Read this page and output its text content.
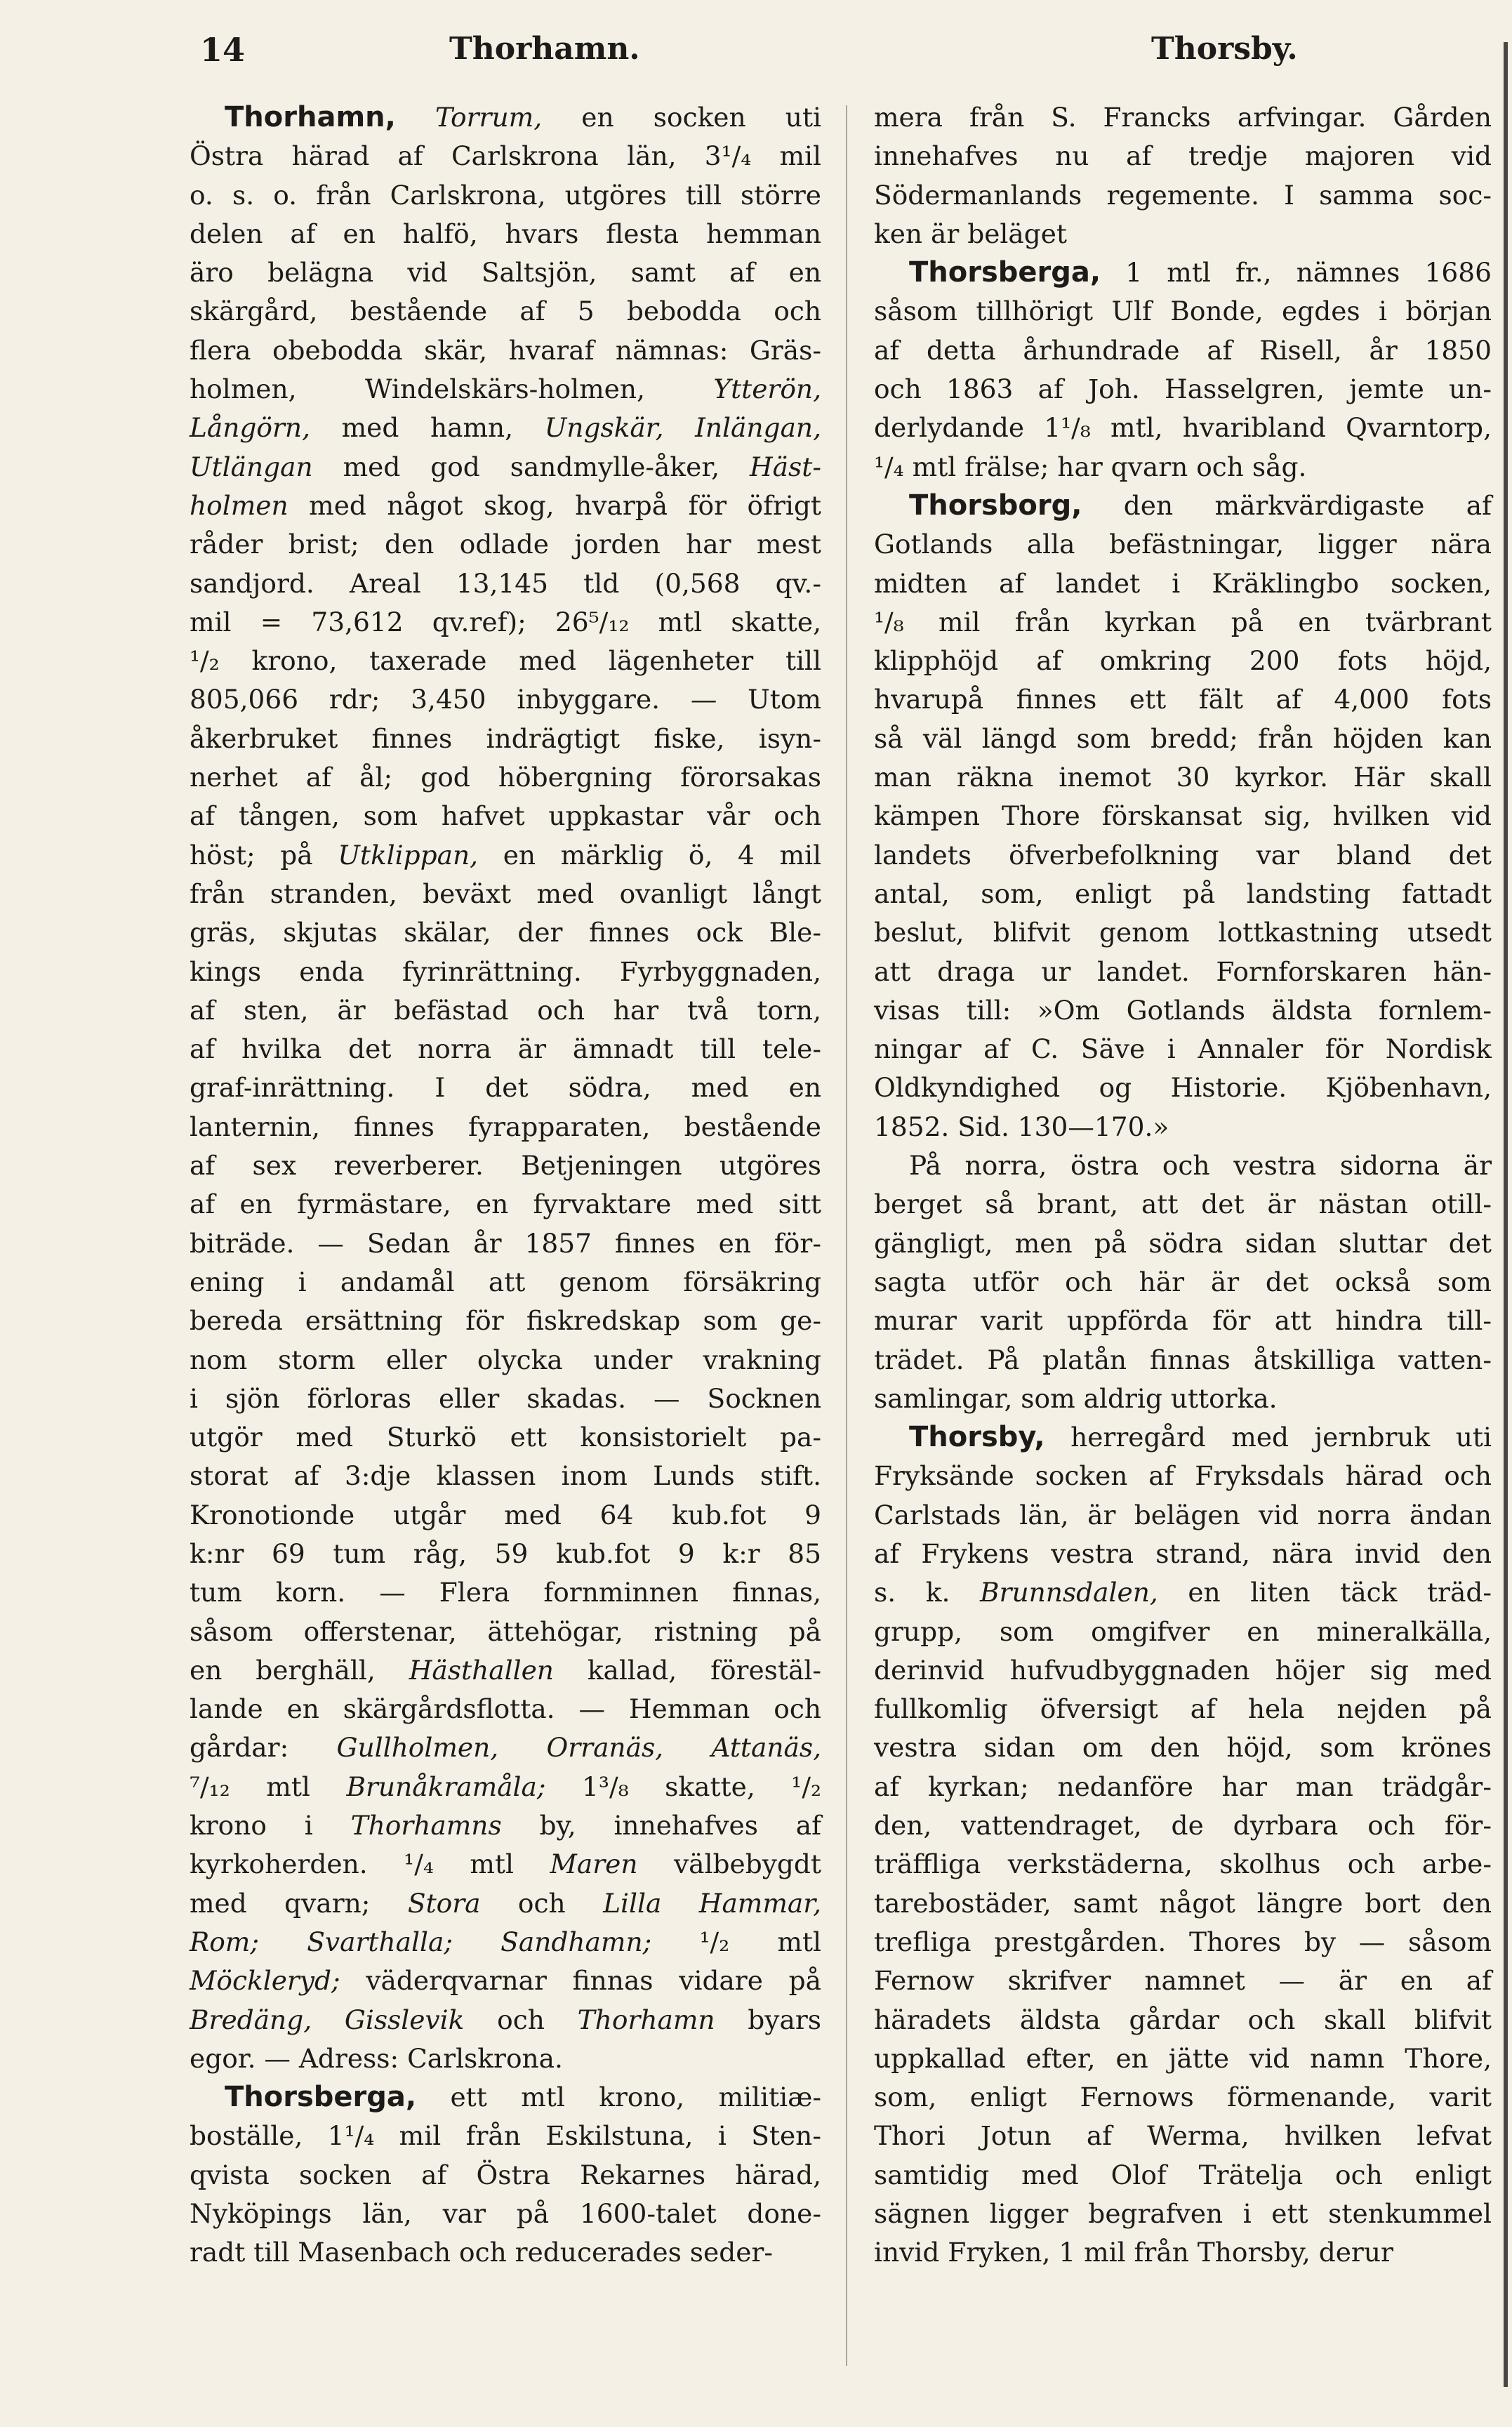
14	Thorhamn.	Thorsby.
Thorhamn, Torrum, en socken uti
Östra härad af Carlskrona län, 3¹/₄ mil
o. s. o. från Carlskrona, utgöres till större
delen af en halfö, hvars flesta hemman
äro belägna vid Saltsjön, samt af en
skärgård, bestående af 5 bebodda och
flera obebodda skär, hvaraf nämnas: Gräs-
holmen, Windelskärs-holmen, Ytterön,
Långörn, med hamn, Ungskär, Inlängan,
Utlängan med god sandmylle-åker, Häst-
holmen med något skog, hvarpå för öfrigt
råder brist; den odlade jorden har mest
sandjord. Areal 13,145 tld (0,568 qv.-
mil = 73,612 qv.ref); 26⁵/₁₂ mtl skatte,
¹/₂ krono, taxerade med lägenheter till
805,066 rdr; 3,450 inbyggare. — Utom
åkerbruket finnes indrägtigt fiske, isyn-
nerhet af ål; god höbergning förorsakas
af tången, som hafvet uppkastar vår och
höst; på Utklippan, en märklig ö, 4 mil
från stranden, beväxt med ovanligt långt
gräs, skjutas skälar, der finnes ock Ble-
kings enda fyrinrättning. Fyrbyggnaden,
af sten, är befästad och har två torn,
af hvilka det norra är ämnadt till tele-
graf-inrättning. I det södra, med en
lanternin, finnes fyrapparaten, bestående
af sex reverberer. Betjeningen utgöres
af en fyrmästare, en fyrvaktare med sitt
biträde. — Sedan år 1857 finnes en för-
ening i andamål att genom försäkring
bereda ersättning för fiskredskap som ge-
nom storm eller olycka under vrakning
i sjön förloras eller skadas. — Socknen
utgör med Sturkö ett konsistorielt pa-
storat af 3:dje klassen inom Lunds stift.
Kronotionde utgår med 64 kub.fot 9
k:nr 69 tum råg, 59 kub.fot 9 k:r 85
tum korn. — Flera fornminnen finnas,
såsom offerstenar, ättehögar, ristning på
en berghäll, Hästhallen kallad, förestäl-
lande en skärgårdsflotta. — Hemman och
gårdar: Gullholmen, Orranäs, Attanäs,
⁷/₁₂ mtl Brunåkramåla; 1³/₈ skatte, ¹/₂
krono i Thorhamns by, innehafves af
kyrkoherden. ¹/₄ mtl Maren välbebygdt
med qvarn; Stora och Lilla Hammar,
Rom; Svarthalla; Sandhamn; ¹/₂ mtl
Möckleryd; väderqvarnar finnas vidare på
Bredäng, Gisslevik och Thorhamn byars
egor. — Adress: Carlskrona.
Thorsberga, ett mtl krono, militiæ-
boställe, 1¹/₄ mil från Eskilstuna, i Sten-
qvista socken af Östra Rekarnes härad,
Nyköpings län, var på 1600-talet done-
radt till Masenbach och reducerades seder-
mera från S. Francks arfvingar. Gården
innehafves nu af tredje majoren vid
Södermanlands regemente. I samma soc-
ken är beläget
Thorsberga, 1 mtl fr., nämnes 1686
såsom tillhörigt Ulf Bonde, egdes i början
af detta århundrade af Risell, år 1850
och 1863 af Joh. Hasselgren, jemte un-
derlydande 1¹/₈ mtl, hvaribland Qvarntorp,
¹/₄ mtl frälse; har qvarn och såg.
Thorsborg, den märkvärdigaste af
Gotlands alla befästningar, ligger nära
midten af landet i Kräklingbo socken,
¹/₈ mil från kyrkan på en tvärbrant
klipphöjd af omkring 200 fots höjd,
hvarupå finnes ett fält af 4,000 fots
så väl längd som bredd; från höjden kan
man räkna inemot 30 kyrkor. Här skall
kämpen Thore förskansat sig, hvilken vid
landets öfverbefolkning var bland det
antal, som, enligt på landsting fattadt
beslut, blifvit genom lottkastning utsedt
att draga ur landet. Fornforskaren hän-
visas till: »Om Gotlands äldsta fornlem-
ningar af C. Säve i Annaler för Nordisk
Oldkyndighed og Historie. Kjöbenhavn,
1852. Sid. 130—170.»
På norra, östra och vestra sidorna är
berget så brant, att det är nästan otill-
gängligt, men på södra sidan sluttar det
sagta utför och här är det också som
murar varit uppförda för att hindra till-
trädet. På platån finnas åtskilliga vatten-
samlingar, som aldrig uttorka.
Thorsby, herregård med jernbruk uti
Fryksände socken af Fryksdals härad och
Carlstads län, är belägen vid norra ändan
af Frykens vestra strand, nära invid den
s. k. Brunnsdalen, en liten täck träd-
grupp, som omgifver en mineralkälla,
derinvid hufvudbyggnaden höjer sig med
fullkomlig öfversigt af hela nejden på
vestra sidan om den höjd, som krönes
af kyrkan; nedanföre har man trädgår-
den, vattendraget, de dyrbara och för-
träffliga verkstäderna, skolhus och arbe-
tarebostäder, samt något längre bort den
trefliga prestgården. Thores by — såsom
Fernow skrifver namnet — är en af
häradets äldsta gårdar och skall blifvit
uppkallad efter, en jätte vid namn Thore,
som, enligt Fernows förmenande, varit
Thori Jotun af Werma, hvilken lefvat
samtidig med Olof Trätelja och enligt
sägnen ligger begrafven i ett stenkummel
invid Fryken, 1 mil från Thorsby, derur
